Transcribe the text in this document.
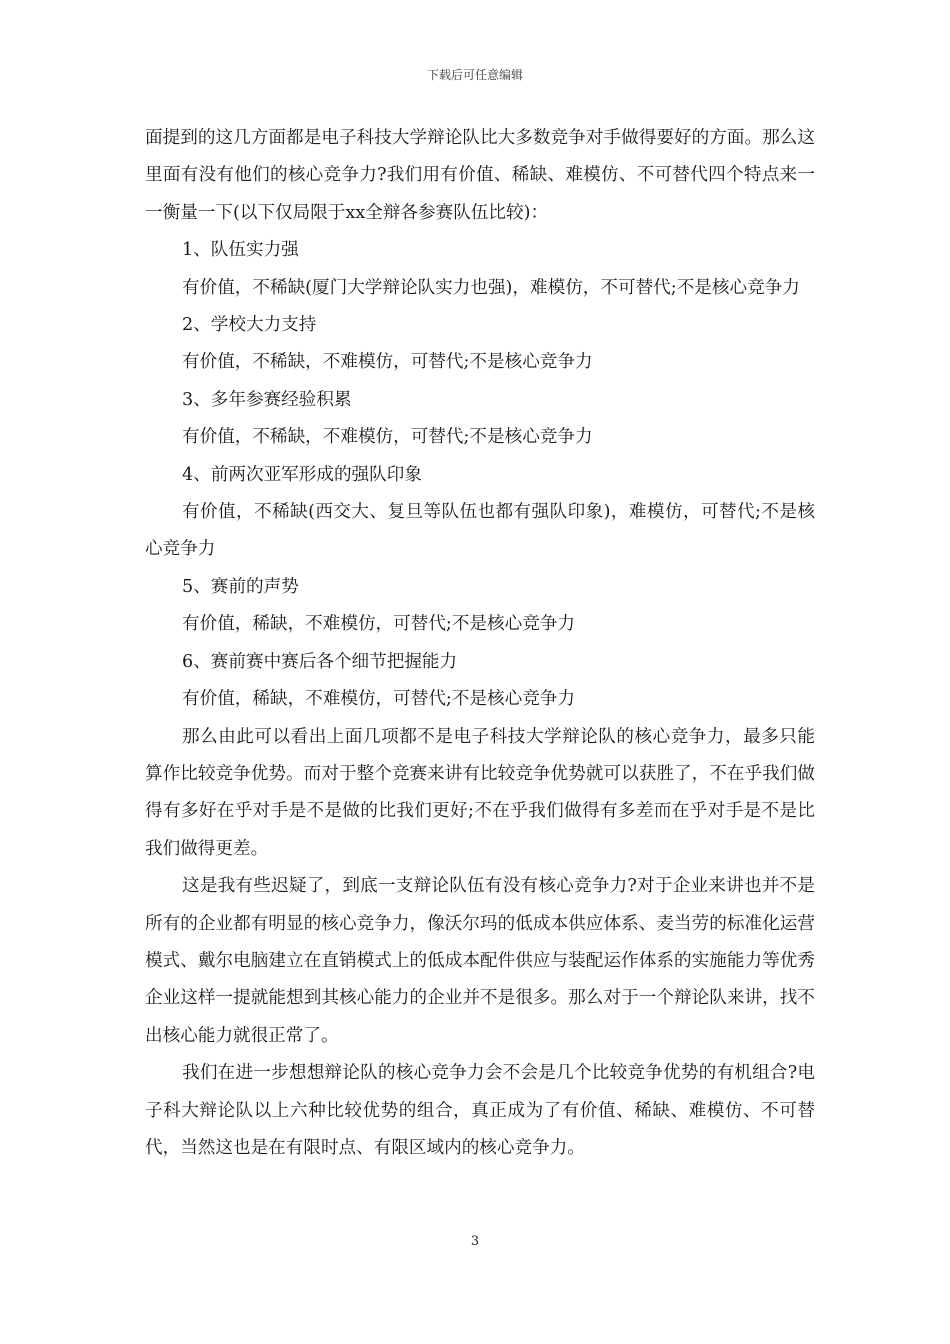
下载后可任意编辑

面提到的这几方面都是电子科技大学辩论队比大多数竞争对手做得要好的方面。那么这里面有没有他们的核心竞争力?我们用有价值、稀缺、难模仿、不可替代四个特点来一一衡量一下(以下仅局限于xx全辩各参赛队伍比较)：

1、队伍实力强

有价值，不稀缺(厦门大学辩论队实力也强)，难模仿，不可替代;不是核心竞争力

2、学校大力支持

有价值，不稀缺，不难模仿，可替代;不是核心竞争力

3、多年参赛经验积累

有价值，不稀缺，不难模仿，可替代;不是核心竞争力

4、前两次亚军形成的强队印象

有价值，不稀缺(西交大、复旦等队伍也都有强队印象)，难模仿，可替代;不是核心竞争力

5、赛前的声势

有价值，稀缺，不难模仿，可替代;不是核心竞争力

6、赛前赛中赛后各个细节把握能力

有价值，稀缺，不难模仿，可替代;不是核心竞争力

那么由此可以看出上面几项都不是电子科技大学辩论队的核心竞争力，最多只能算作比较竞争优势。而对于整个竞赛来讲有比较竞争优势就可以获胜了，不在乎我们做得有多好在乎对手是不是做的比我们更好;不在乎我们做得有多差而在乎对手是不是比我们做得更差。

这是我有些迟疑了，到底一支辩论队伍有没有核心竞争力?对于企业来讲也并不是所有的企业都有明显的核心竞争力，像沃尔玛的低成本供应体系、麦当劳的标准化运营模式、戴尔电脑建立在直销模式上的低成本配件供应与装配运作体系的实施能力等优秀企业这样一提就能想到其核心能力的企业并不是很多。那么对于一个辩论队来讲，找不出核心能力就很正常了。

我们在进一步想想辩论队的核心竞争力会不会是几个比较竞争优势的有机组合?电子科大辩论队以上六种比较优势的组合，真正成为了有价值、稀缺、难模仿、不可替代，当然这也是在有限时点、有限区域内的核心竞争力。

3
